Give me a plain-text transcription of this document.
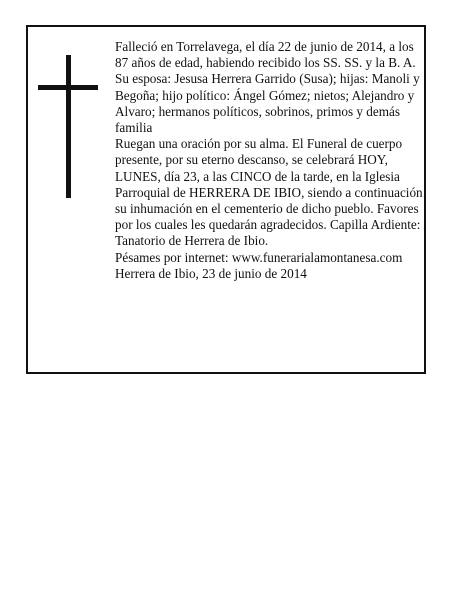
Falleció en Torrelavega, el día 22 de junio de 2014, a los 87 años de edad, habiendo recibido los SS. SS. y la B. A.

Su esposa: Jesusa Herrera Garrido (Susa); hijas: Manoli y Begoña; hijo político: Ángel Gómez; nietos; Alejandro y Alvaro; hermanos políticos, sobrinos, primos y demás familia

Ruegan una oración por su alma. El Funeral de cuerpo presente, por su eterno descanso, se celebrará HOY, LUNES, día 23, a las CINCO de la tarde, en la Iglesia Parroquial de HERRERA DE IBIO, siendo a continuación su inhumación en el cementerio de dicho pueblo. Favores por los cuales les quedarán agradecidos. Capilla Ardiente: Tanatorio de Herrera de Ibio.

Pésames por internet: www.funerarialamontanesa.com

Herrera de Ibio, 23 de junio de 2014
